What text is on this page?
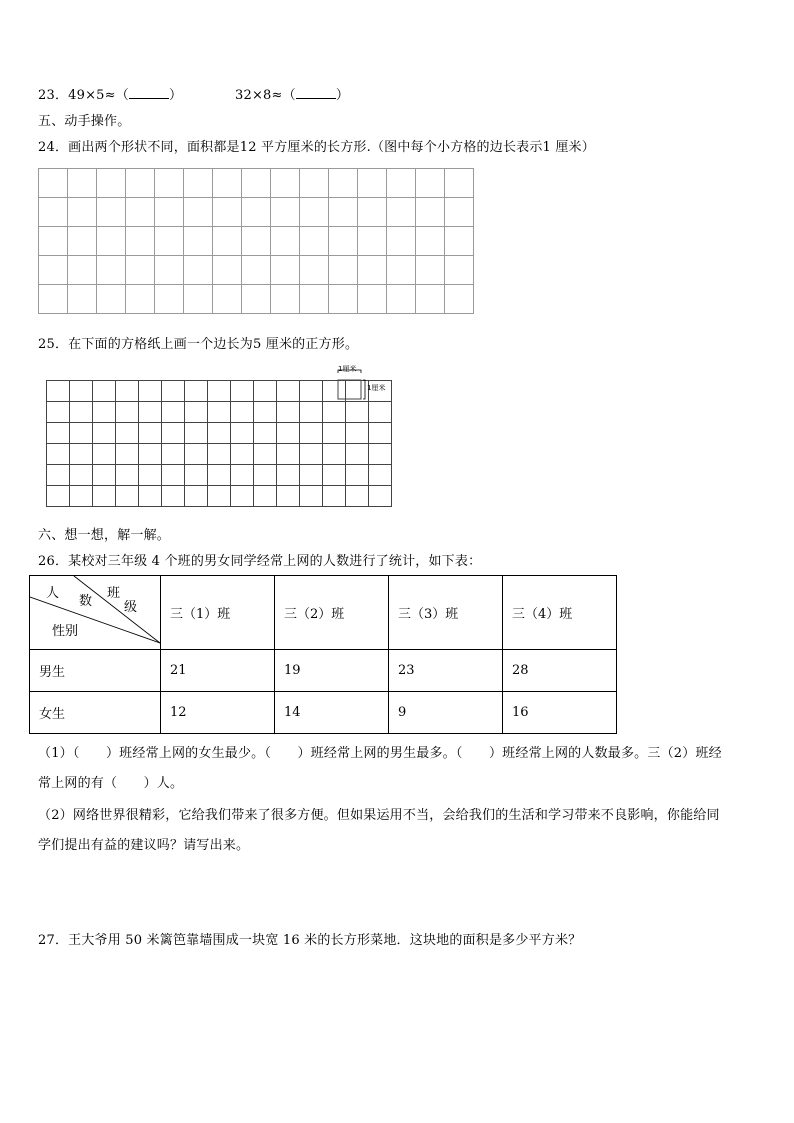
23．49×5≈（	）	32×8≈（	）
五、动手操作。
24．画出两个形状不同，面积都是12 平方厘米的长方形.（图中每个小方格的边长表示1 厘米）

25．在下面的方格纸上画一个边长为5 厘米的正方形。

1厘米
1厘米
六、想一想，解一解。
26．某校对三年级 4 个班的男女同学经常上网的人数进行了统计，如下表：
人
数
班
级
性别	三（1）班	三（2）班	三（3）班	三（4）班
男生	21	19	23	28
女生	12	14	9	16
（1）（　　）班经常上网的女生最少。（　　）班经常上网的男生最多。（　　）班经常上网的人数最多。三（2）班经
常上网的有（　　）人。
（2）网络世界很精彩，它给我们带来了很多方便。但如果运用不当，会给我们的生活和学习带来不良影响，你能给同
学们提出有益的建议吗？请写出来。
27．王大爷用 50 米篱笆靠墙围成一块宽 16 米的长方形菜地．这块地的面积是多少平方米？
